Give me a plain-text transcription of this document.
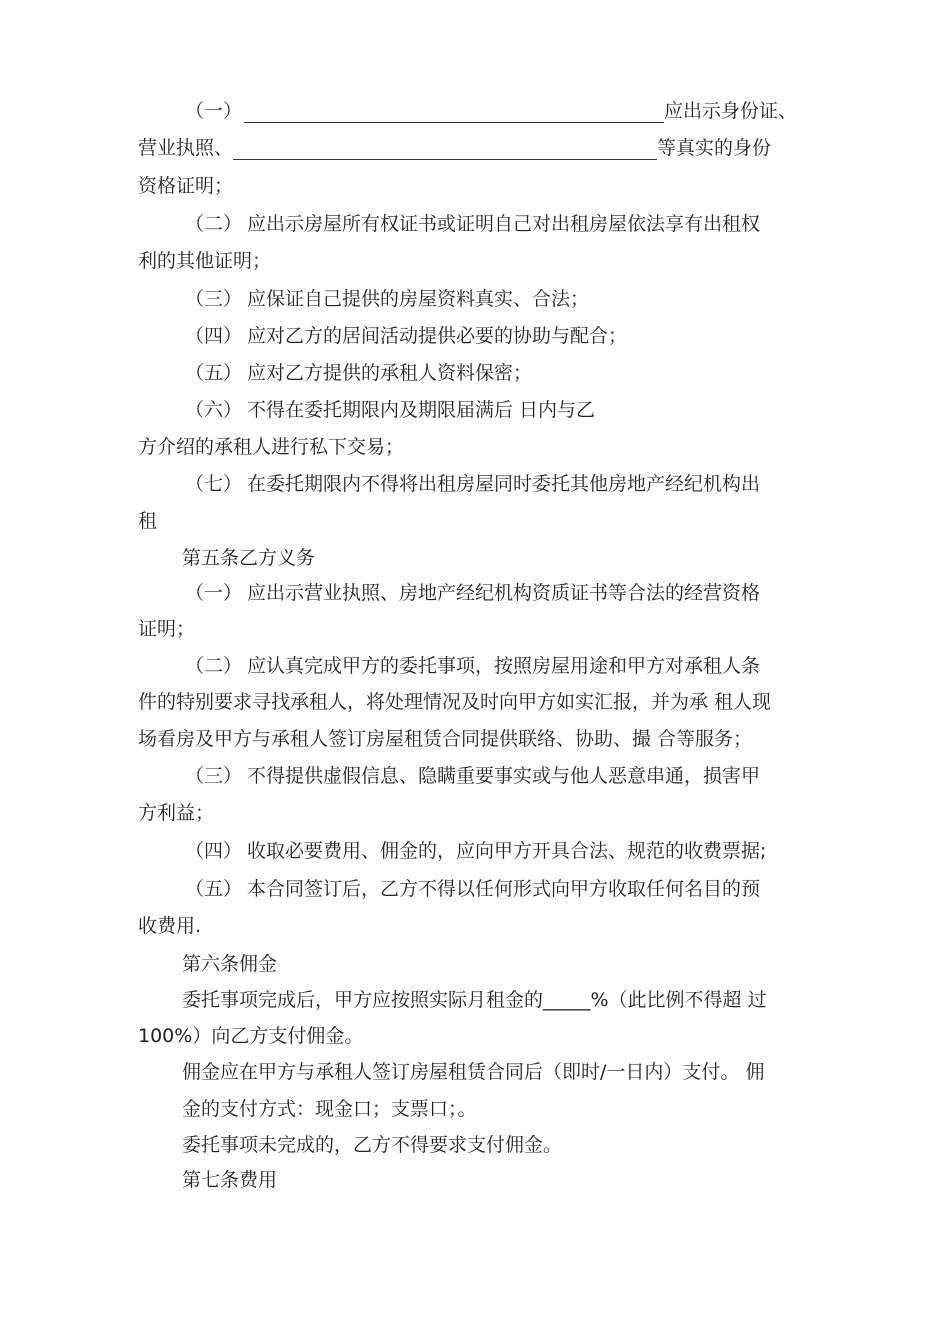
（一）	应出示身份证、
营业执照、	等真实的身份
资格证明；
（二） 应出示房屋所有权证书或证明自己对出租房屋依法享有出租权
利的其他证明；
（三） 应保证自己提供的房屋资料真实、合法；
（四） 应对乙方的居间活动提供必要的协助与配合；
（五） 应对乙方提供的承租人资料保密；
（六） 不得在委托期限内及期限届满后 日内与乙
方介绍的承租人进行私下交易；
（七） 在委托期限内不得将出租房屋同时委托其他房地产经纪机构出
租
第五条乙方义务
（一） 应出示营业执照、房地产经纪机构资质证书等合法的经营资格
证明；
（二） 应认真完成甲方的委托事项，按照房屋用途和甲方对承租人条
件的特别要求寻找承租人，将处理情况及时向甲方如实汇报，并为承 租人现
场看房及甲方与承租人签订房屋租赁合同提供联络、协助、撮 合等服务；
（三） 不得提供虚假信息、隐瞒重要事实或与他人恶意串通，损害甲
方利益；
（四） 收取必要费用、佣金的，应向甲方开具合法、规范的收费票据;
（五） 本合同签订后，乙方不得以任何形式向甲方收取任何名目的预
收费用.
第六条佣金
委托事项完成后，甲方应按照实际月租金的_____%（此比例不得超 过
100%）向乙方支付佣金。
佣金应在甲方与承租人签订房屋租赁合同后（即时/一日内）支付。 佣
金的支付方式：现金口；支票口；。
委托事项未完成的，乙方不得要求支付佣金。
第七条费用
